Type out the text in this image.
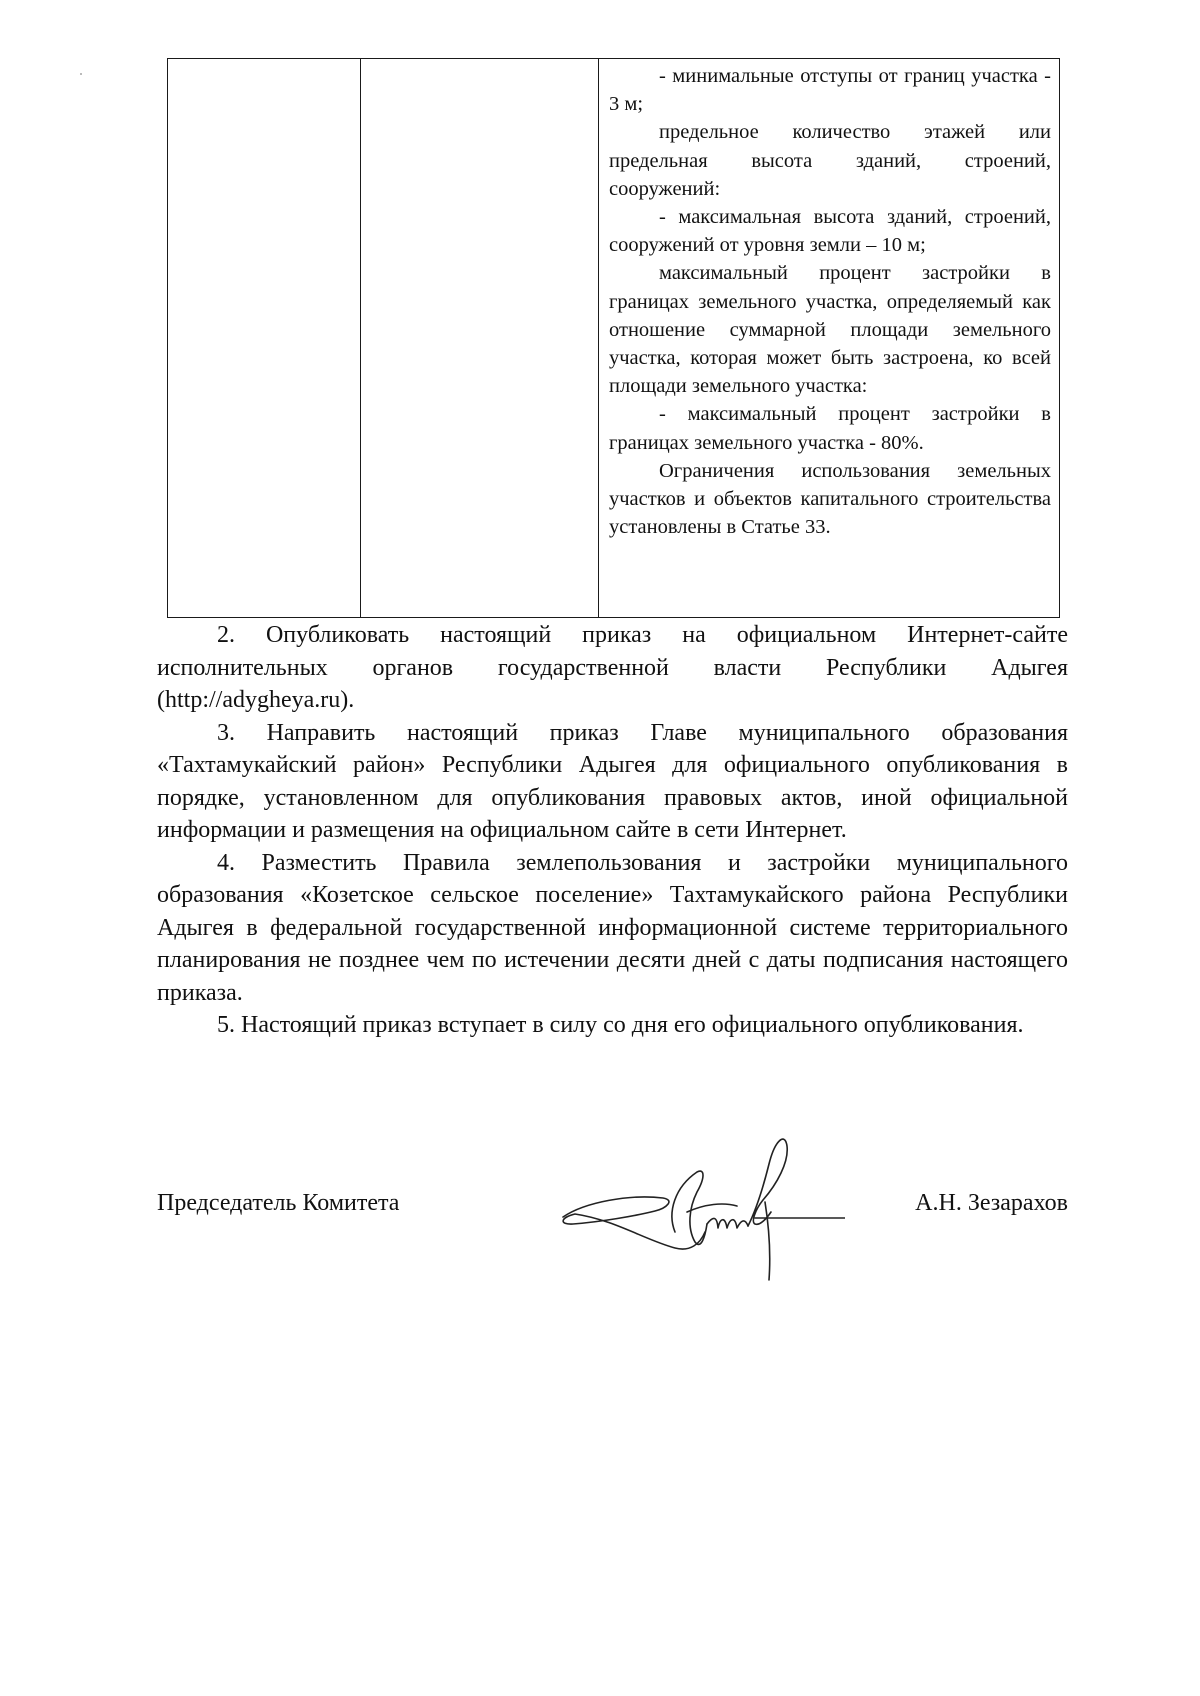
- минимальные отступы от границ участка - 3 м;

предельное количество этажей или предельная высота зданий, строений, сооружений:

- максимальная высота зданий, строений, сооружений от уровня земли – 10 м;

максимальный процент застройки в границах земельного участка, определяемый как отношение суммарной площади земельного участка, которая может быть застроена, ко всей площади земельного участка:

- максимальный процент застройки в границах земельного участка - 80%.

Ограничения использования земельных участков и объектов капитального строительства установлены в Статье 33.

2. Опубликовать настоящий приказ на официальном Интернет-сайте исполнительных органов государственной власти Республики Адыгея (http://adygheya.ru).

3. Направить настоящий приказ Главе муниципального образования «Тахтамукайский район» Республики Адыгея для официального опубликования в порядке, установленном для опубликования правовых актов, иной официальной информации и размещения на официальном сайте в сети Интернет.

4. Разместить Правила землепользования и застройки муниципального образования «Козетское сельское поселение» Тахтамукайского района Республики Адыгея в федеральной государственной информационной системе территориального планирования не позднее чем по истечении десяти дней с даты подписания настоящего приказа.

5. Настоящий приказ вступает в силу со дня его официального опубликования.

Председатель Комитета	А.Н. Зезарахов
